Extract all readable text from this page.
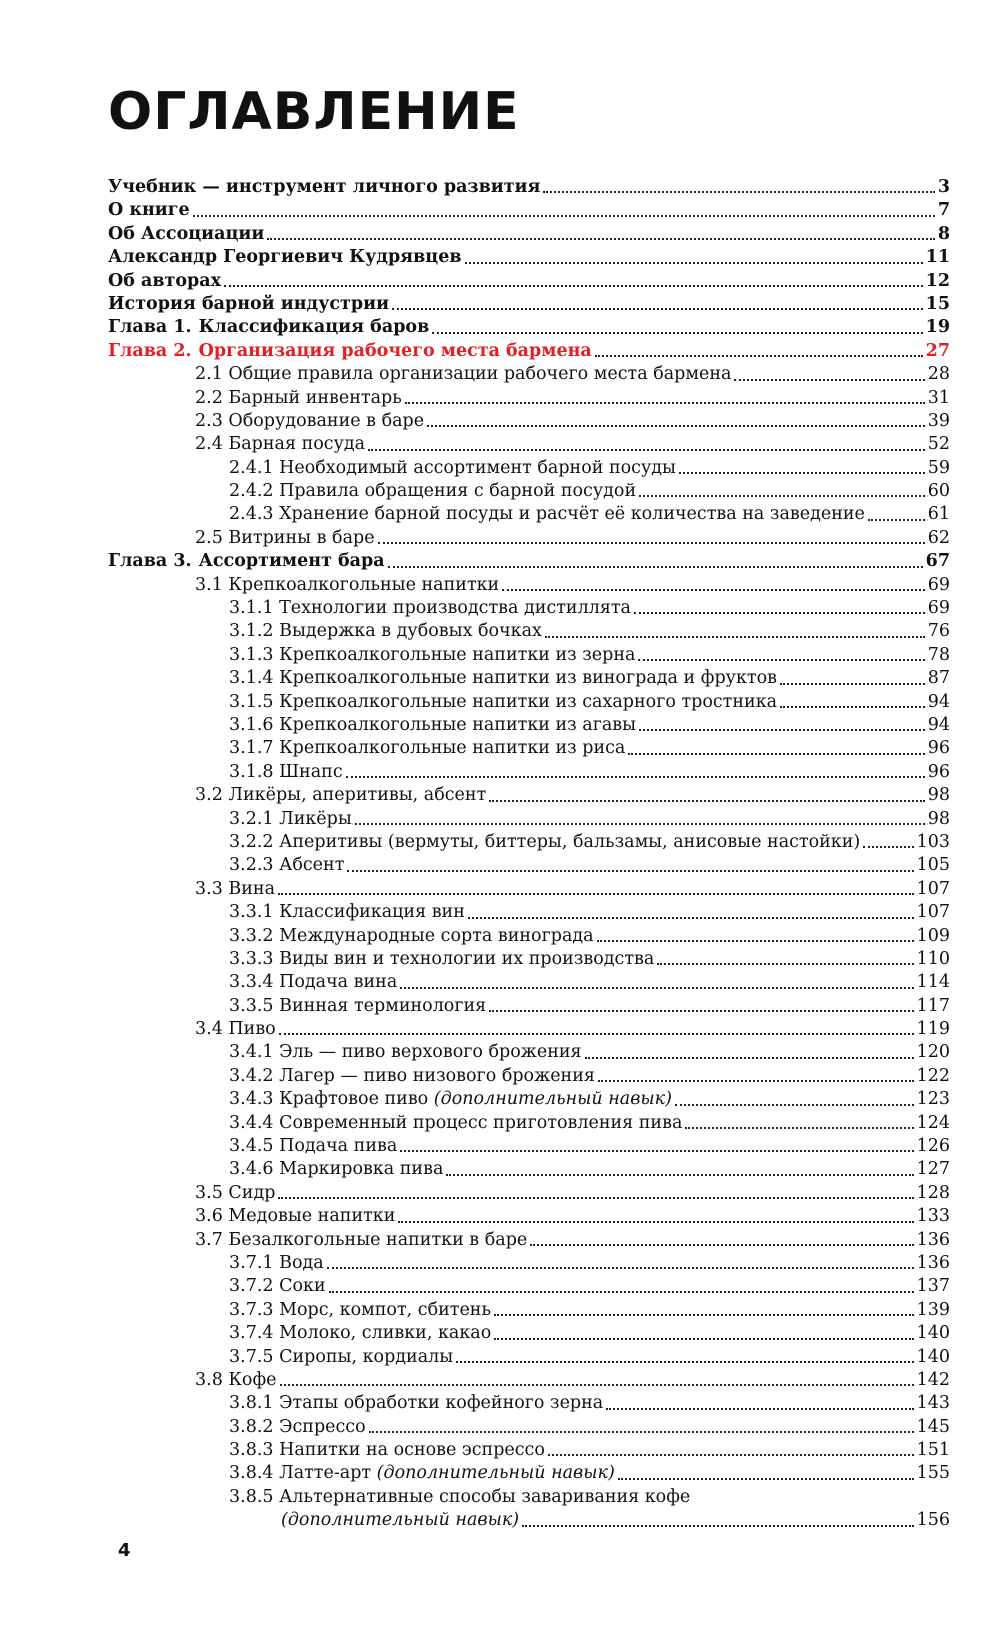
ОГЛАВЛЕНИЕ
Учебник — инструмент личного развития	3
О книге	7
Об Ассоциации	8
Александр Георгиевич Кудрявцев	11
Об авторах	12
История барной индустрии	15
Глава 1. Классификация баров	19
Глава 2. Организация рабочего места бармена	27
2.1 Общие правила организации рабочего места бармена	28
2.2 Барный инвентарь	31
2.3 Оборудование в баре	39
2.4 Барная посуда	52
2.4.1 Необходимый ассортимент барной посуды	59
2.4.2 Правила обращения с барной посудой	60
2.4.3 Хранение барной посуды и расчёт её количества на заведение	61
2.5 Витрины в баре	62
Глава 3. Ассортимент бара	67
3.1 Крепкоалкогольные напитки	69
3.1.1 Технологии производства дистиллята	69
3.1.2 Выдержка в дубовых бочках	76
3.1.3 Крепкоалкогольные напитки из зерна	78
3.1.4 Крепкоалкогольные напитки из винограда и фруктов	87
3.1.5 Крепкоалкогольные напитки из сахарного тростника	94
3.1.6 Крепкоалкогольные напитки из агавы	94
3.1.7 Крепкоалкогольные напитки из риса	96
3.1.8 Шнапс	96
3.2 Ликёры, аперитивы, абсент	98
3.2.1 Ликёры	98
3.2.2 Аперитивы (вермуты, биттеры, бальзамы, анисовые настойки)	103
3.2.3 Абсент	105
3.3 Вина	107
3.3.1 Классификация вин	107
3.3.2 Международные сорта винограда	109
3.3.3 Виды вин и технологии их производства	110
3.3.4 Подача вина	114
3.3.5 Винная терминология	117
3.4 Пиво	119
3.4.1 Эль — пиво верхового брожения	120
3.4.2 Лагер — пиво низового брожения	122
3.4.3 Крафтовое пиво (дополнительный навык)	123
3.4.4 Современный процесс приготовления пива	124
3.4.5 Подача пива	126
3.4.6 Маркировка пива	127
3.5 Сидр	128
3.6 Медовые напитки	133
3.7 Безалкогольные напитки в баре	136
3.7.1 Вода	136
3.7.2 Соки	137
3.7.3 Морс, компот, сбитень	139
3.7.4 Молоко, сливки, какао	140
3.7.5 Сиропы, кордиалы	140
3.8 Кофе	142
3.8.1 Этапы обработки кофейного зерна	143
3.8.2 Эспрессо	145
3.8.3 Напитки на основе эспрессо	151
3.8.4 Латте-арт (дополнительный навык)	155
3.8.5 Альтернативные способы заваривания кофе
(дополнительный навык)	156
4
